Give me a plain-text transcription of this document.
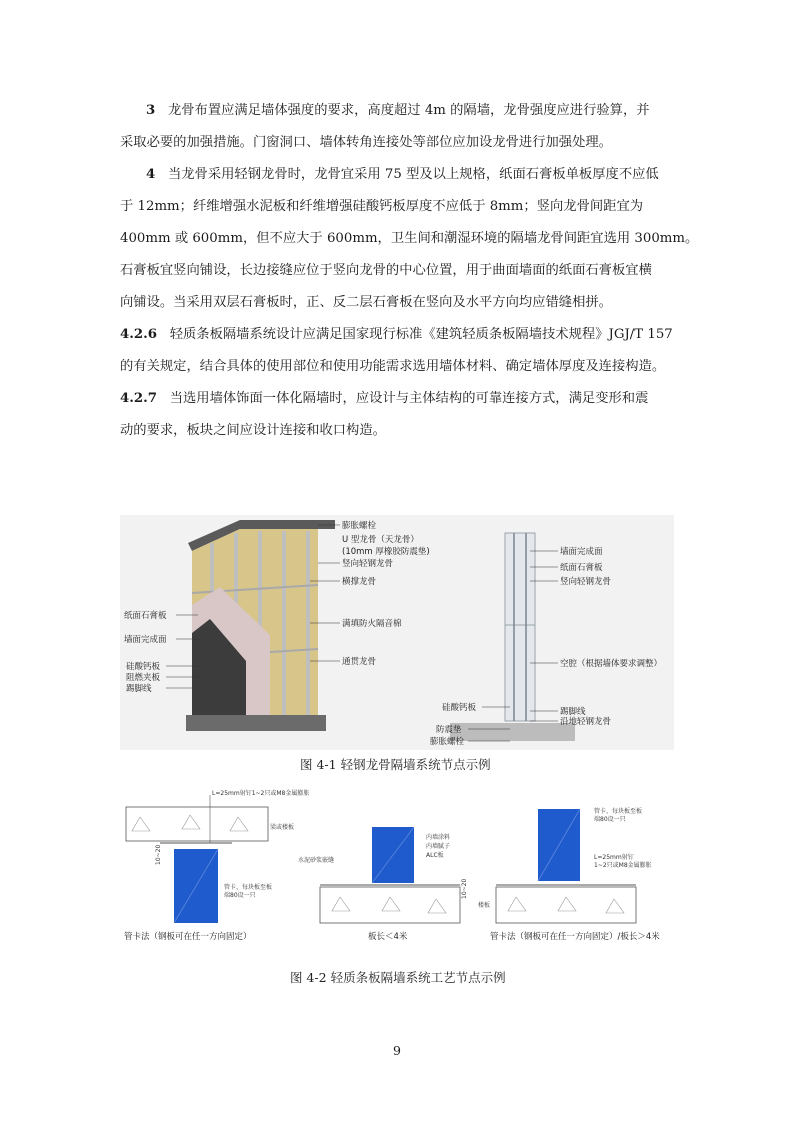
3 龙骨布置应满足墙体强度的要求，高度超过 4m 的隔墙，龙骨强度应进行验算，并
采取必要的加强措施。门窗洞口、墙体转角连接处等部位应加设龙骨进行加强处理。
4 当龙骨采用轻钢龙骨时，龙骨宜采用 75 型及以上规格，纸面石膏板单板厚度不应低
于 12mm；纤维增强水泥板和纤维增强硅酸钙板厚度不应低于 8mm；竖向龙骨间距宜为
400mm 或 600mm，但不应大于 600mm，卫生间和潮湿环境的隔墙龙骨间距宜选用 300mm。
石膏板宜竖向铺设，长边接缝应位于竖向龙骨的中心位置，用于曲面墙面的纸面石膏板宜横
向铺设。当采用双层石膏板时，正、反二层石膏板在竖向及水平方向均应错缝相拼。
4.2.6 轻质条板隔墙系统设计应满足国家现行标准《建筑轻质条板隔墙技术规程》JGJ/T 157
的有关规定，结合具体的使用部位和使用功能需求选用墙体材料、确定墙体厚度及连接构造。
4.2.7 当选用墙体饰面一体化隔墙时，应设计与主体结构的可靠连接方式，满足变形和震
动的要求，板块之间应设计连接和收口构造。
纸面石膏板
墙面完成面
硅酸钙板
阻燃夹板
踢脚线
膨胀螺栓
U 型龙骨（天龙骨）
(10mm 厚橡胶防震垫)
竖向轻钢龙骨
横撑龙骨
满填防火隔音棉
通贯龙骨
墙面完成面
纸面石膏板
竖向轻钢龙骨
空腔（根据墙体要求调整）
踢脚线
沿地轻钢龙骨
硅酸钙板
防震垫
膨胀螺栓
图 4-1 轻钢龙骨隔墙系统节点示例
L=25mm射钉1~2只或M8金属膨胀
梁或楼板
管卡、每块板至板
端80设一只
10~20
管卡法（钢板可在任一方向固定）
内墙涂料
内墙腻子
ALC板
水泥砂浆嵌缝
10~20
板长＜4米
管卡、每块板至板
端80设一只
L=25mm射钉
1~2只或M8金属膨胀
楼板
管卡法（钢板可在任一方向固定）/板长＞4米
图 4-2 轻质条板隔墙系统工艺节点示例
9
